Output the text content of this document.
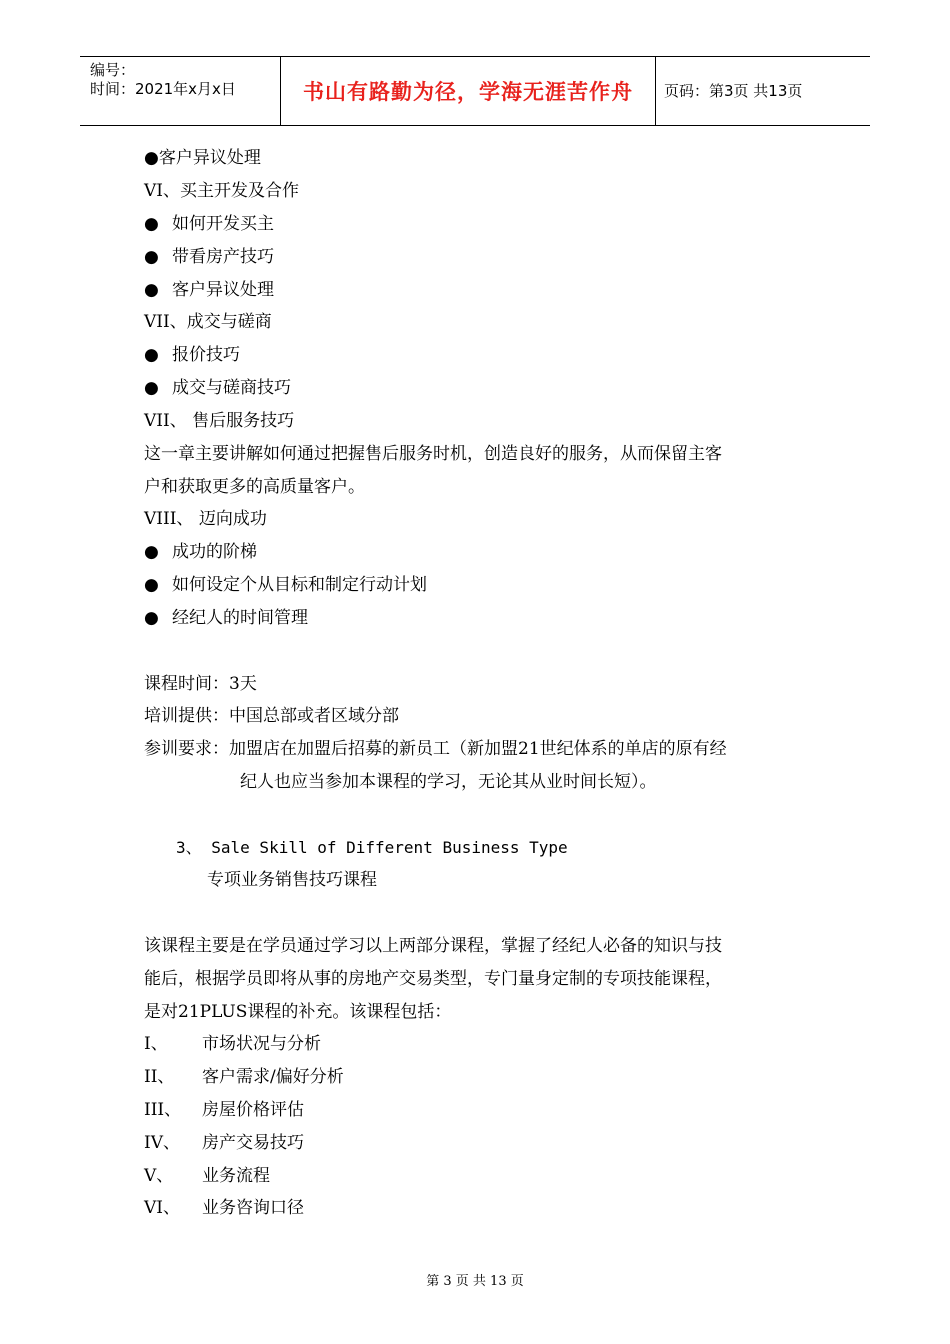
编号：
时间：2021年x月x日	书山有路勤为径，学海无涯苦作舟 页码：第3页 共13页
●客户异议处理
VI、买主开发及合作
● 如何开发买主
● 带看房产技巧
● 客户异议处理
VII、成交与磋商
● 报价技巧
● 成交与磋商技巧
VII、 售后服务技巧
这一章主要讲解如何通过把握售后服务时机，创造良好的服务，从而保留主客
户和获取更多的高质量客户。
VIII、 迈向成功
● 成功的阶梯
● 如何设定个从目标和制定行动计划
● 经纪人的时间管理
课程时间：3天
培训提供：中国总部或者区域分部
参训要求：加盟店在加盟后招募的新员工（新加盟21世纪体系的单店的原有经
纪人也应当参加本课程的学习，无论其从业时间长短）。
3、 Sale Skill of Different Business Type
专项业务销售技巧课程
该课程主要是在学员通过学习以上两部分课程，掌握了经纪人必备的知识与技
能后，根据学员即将从事的房地产交易类型，专门量身定制的专项技能课程，
是对21PLUS课程的补充。该课程包括：
I、 市场状况与分析
II、 客户需求/偏好分析
III、 房屋价格评估
IV、 房产交易技巧
V、 业务流程
VI、 业务咨询口径
第 3 页 共 13 页
